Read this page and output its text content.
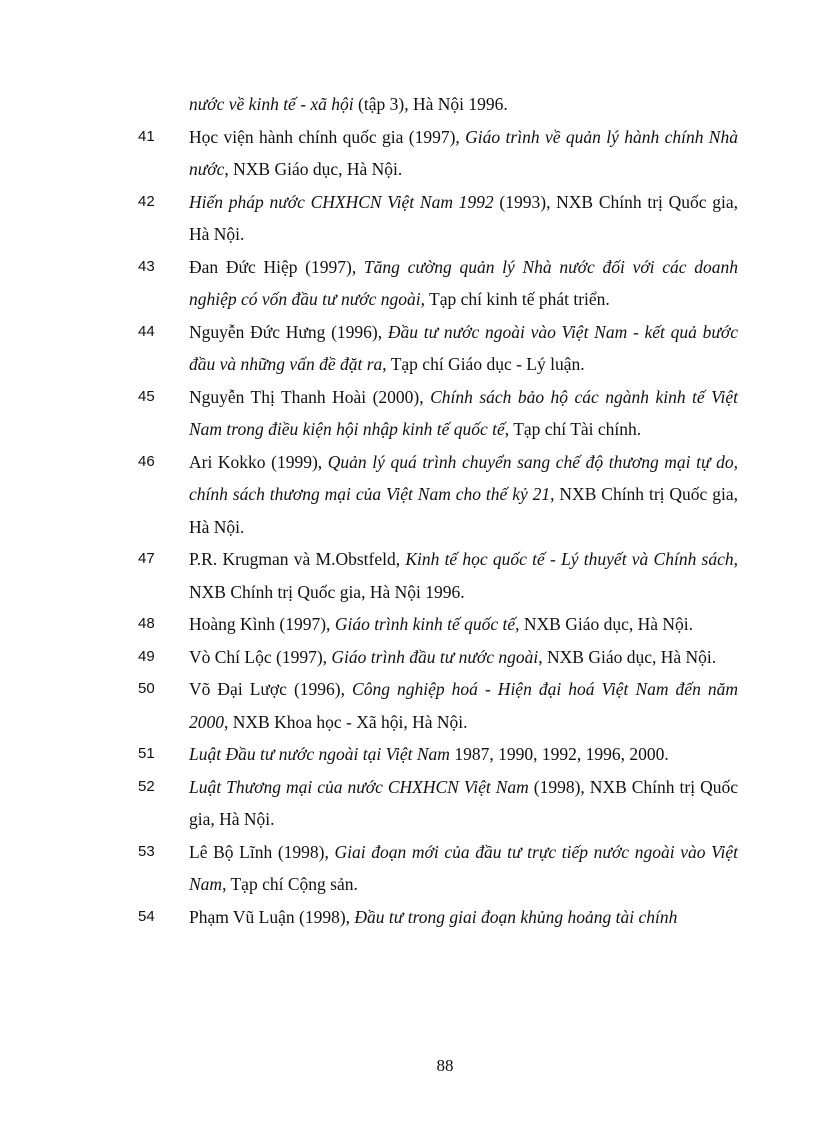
nước về kinh tế - xã hội (tập 3), Hà Nội 1996.
41	Học viện hành chính quốc gia (1997), Giáo trình về quản lý hành chính Nhà nước, NXB Giáo dục, Hà Nội.
42	Hiến pháp nước CHXHCN Việt Nam 1992 (1993), NXB Chính trị Quốc gia, Hà Nội.
43	Đan Đức Hiệp (1997), Tăng cường quản lý Nhà nước đối với các doanh nghiệp có vốn đầu tư nước ngoài, Tạp chí kinh tế phát triển.
44	Nguyễn Đức Hưng (1996), Đầu tư nước ngoài vào Việt Nam - kết quả bước đầu và những vấn đề đặt ra, Tạp chí Giáo dục - Lý luận.
45	Nguyễn Thị Thanh Hoài (2000), Chính sách bảo hộ các ngành kinh tế Việt Nam trong điều kiện hội nhập kinh tế quốc tế, Tạp chí Tài chính.
46	Ari Kokko (1999), Quản lý quá trình chuyển sang chế độ thương mại tự do, chính sách thương mại của Việt Nam cho thế kỷ 21, NXB Chính trị Quốc gia, Hà Nội.
47	P.R. Krugman và M.Obstfeld, Kinh tế học quốc tế - Lý thuyết và Chính sách, NXB Chính trị Quốc gia, Hà Nội 1996.
48	Hoàng Kình (1997), Giáo trình kinh tế quốc tế, NXB Giáo dục, Hà Nội.
49	Vò Chí Lộc (1997), Giáo trình đầu tư nước ngoài, NXB Giáo dục, Hà Nội.
50	Võ Đại Lược (1996), Công nghiệp hoá - Hiện đại hoá Việt Nam đến năm 2000, NXB Khoa học - Xã hội, Hà Nội.
51	Luật Đầu tư nước ngoài tại Việt Nam 1987, 1990, 1992, 1996, 2000.
52	Luật Thương mại của nước CHXHCN Việt Nam (1998), NXB Chính trị Quốc gia, Hà Nội.
53	Lê Bộ Lĩnh (1998), Giai đoạn mới của đầu tư trực tiếp nước ngoài vào Việt Nam, Tạp chí Cộng sản.
54	Phạm Vũ Luận (1998), Đầu tư trong giai đoạn khủng hoảng tài chính
88
